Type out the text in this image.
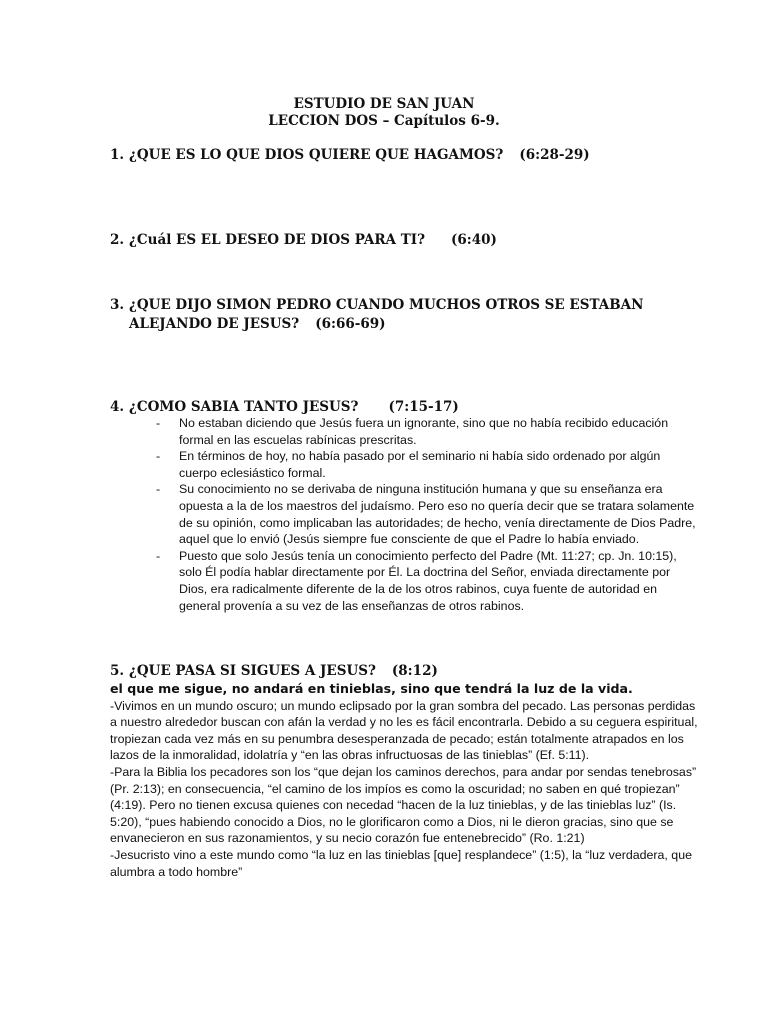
ESTUDIO DE SAN JUAN
LECCION DOS – Capítulos 6-9.
1. ¿QUE ES LO QUE DIOS QUIERE QUE HAGAMOS? (6:28-29)
2. ¿Cuál ES EL DESEO DE DIOS PARA TI? (6:40)
3. ¿QUE DIJO SIMON PEDRO CUANDO MUCHOS OTROS SE ESTABAN
ALEJANDO DE JESUS? (6:66-69)
4. ¿COMO SABIA TANTO JESUS? (7:15-17)
- No estaban diciendo que Jesús fuera un ignorante, sino que no había recibido educación formal en las escuelas rabínicas prescritas.
- En términos de hoy, no había pasado por el seminario ni había sido ordenado por algún cuerpo eclesiástico formal.
- Su conocimiento no se derivaba de ninguna institución humana y que su enseñanza era opuesta a la de los maestros del judaísmo. Pero eso no quería decir que se tratara solamente de su opinión, como implicaban las autoridades; de hecho, venía directamente de Dios Padre, aquel que lo envió (Jesús siempre fue consciente de que el Padre lo había enviado.
- Puesto que solo Jesús tenía un conocimiento perfecto del Padre (Mt. 11:27; cp. Jn. 10:15), solo Él podía hablar directamente por Él. La doctrina del Señor, enviada directamente por Dios, era radicalmente diferente de la de los otros rabinos, cuya fuente de autoridad en general provenía a su vez de las enseñanzas de otros rabinos.
5. ¿QUE PASA SI SIGUES A JESUS? (8:12)

el que me sigue, no andará en tinieblas, sino que tendrá la luz de la vida.

-Vivimos en un mundo oscuro; un mundo eclipsado por la gran sombra del pecado. Las personas perdidas a nuestro alrededor buscan con afán la verdad y no les es fácil encontrarla. Debido a su ceguera espiritual, tropiezan cada vez más en su penumbra desesperanzada de pecado; están totalmente atrapados en los lazos de la inmoralidad, idolatría y “en las obras infructuosas de las tinieblas” (Ef. 5:11).

-Para la Biblia los pecadores son los “que dejan los caminos derechos, para andar por sendas tenebrosas” (Pr. 2:13); en consecuencia, “el camino de los impíos es como la oscuridad; no saben en qué tropiezan” (4:19). Pero no tienen excusa quienes con necedad “hacen de la luz tinieblas, y de las tinieblas luz” (Is. 5:20), “pues habiendo conocido a Dios, no le glorificaron como a Dios, ni le dieron gracias, sino que se envanecieron en sus razonamientos, y su necio corazón fue entenebrecido” (Ro. 1:21)

-Jesucristo vino a este mundo como “la luz en las tinieblas [que] resplandece” (1:5), la “luz verdadera, que alumbra a todo hombre”
